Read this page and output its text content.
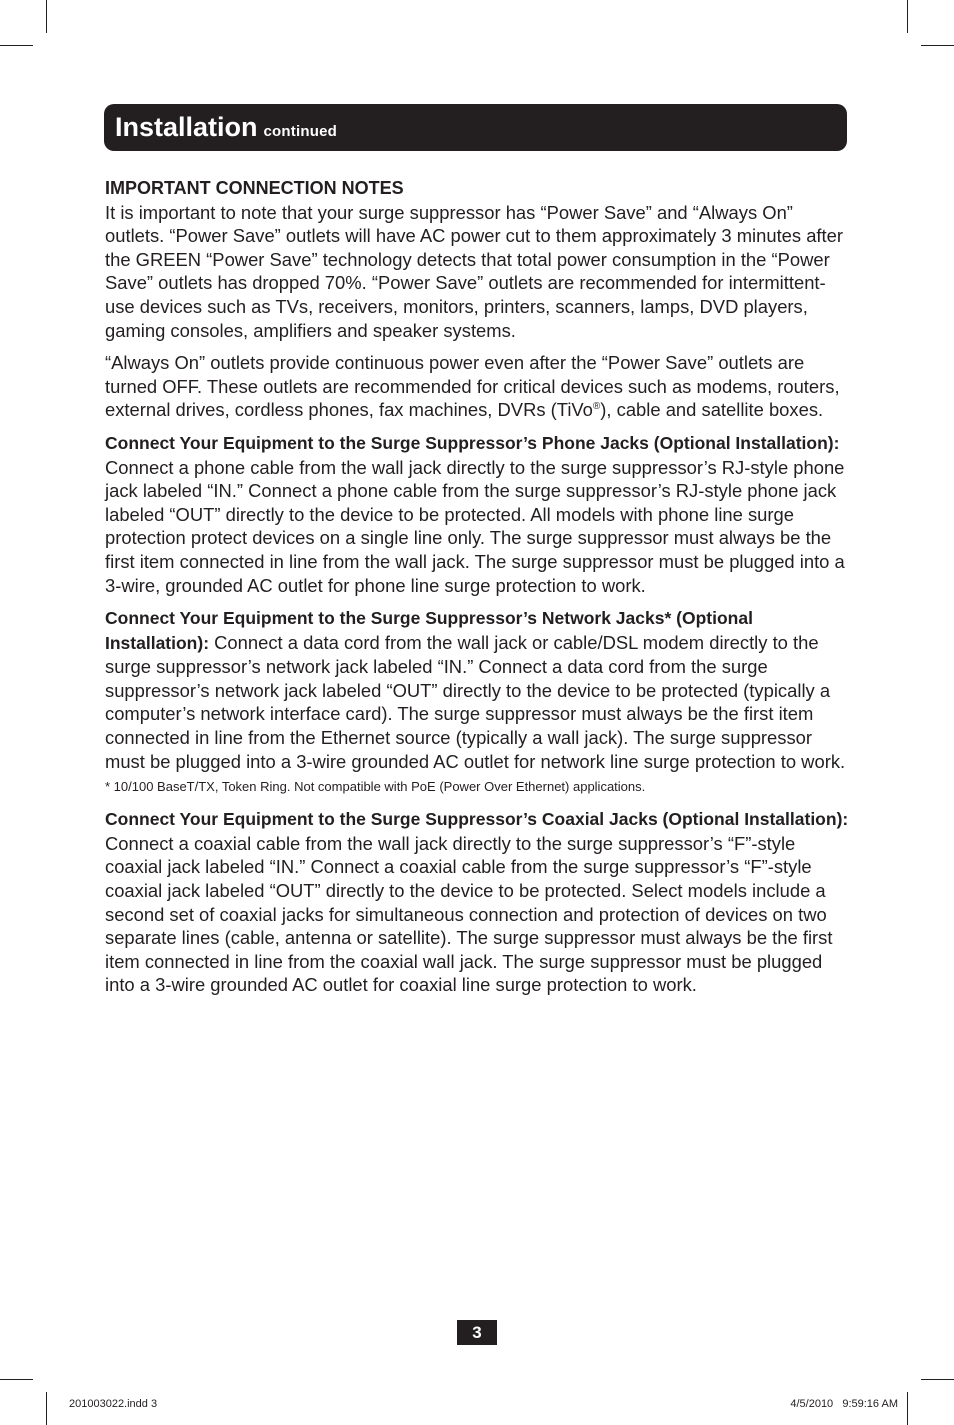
Installation continued

IMPORTANT CONNECTION NOTES

It is important to note that your surge suppressor has “Power Save” and “Always On” outlets. “Power Save” outlets will have AC power cut to them approximately 3 minutes after the GREEN “Power Save” technology detects that total power consumption in the “Power Save” outlets has dropped 70%. “Power Save” outlets are recommended for intermittent-use devices such as TVs, receivers, monitors, printers, scanners, lamps, DVD players, gaming consoles, amplifiers and speaker systems.

“Always On” outlets provide continuous power even after the “Power Save” outlets are turned OFF. These outlets are recommended for critical devices such as modems, routers, external drives, cordless phones, fax machines, DVRs (TiVo®), cable and satellite boxes.

Connect Your Equipment to the Surge Suppressor’s Phone Jacks (Optional Installation): Connect a phone cable from the wall jack directly to the surge suppressor’s RJ-style phone jack labeled “IN.” Connect a phone cable from the surge suppressor’s RJ-style phone jack labeled “OUT” directly to the device to be protected. All models with phone line surge protection protect devices on a single line only. The surge suppressor must always be the first item connected in line from the wall jack. The surge suppressor must be plugged into a 3-wire, grounded AC outlet for phone line surge protection to work.

Connect Your Equipment to the Surge Suppressor’s Network Jacks* (Optional Installation): Connect a data cord from the wall jack or cable/DSL modem directly to the surge suppressor’s network jack labeled “IN.” Connect a data cord from the surge suppressor’s network jack labeled “OUT” directly to the device to be protected (typically a computer’s network interface card). The surge suppressor must always be the first item connected in line from the Ethernet source (typically a wall jack). The surge suppressor must be plugged into a 3-wire grounded AC outlet for network line surge protection to work.

* 10/100 BaseT/TX, Token Ring. Not compatible with PoE (Power Over Ethernet) applications.

Connect Your Equipment to the Surge Suppressor’s Coaxial Jacks (Optional Installation): Connect a coaxial cable from the wall jack directly to the surge suppressor’s “F”-style coaxial jack labeled “IN.” Connect a coaxial cable from the surge suppressor’s “F”-style coaxial jack labeled “OUT” directly to the device to be protected. Select models include a second set of coaxial jacks for simultaneous connection and protection of devices on two separate lines (cable, antenna or satellite). The surge suppressor must always be the first item connected in line from the coaxial wall jack. The surge suppressor must be plugged into a 3-wire grounded AC outlet for coaxial line surge protection to work.

3
201003022.indd 3	4/5/2010   9:59:16 AM
